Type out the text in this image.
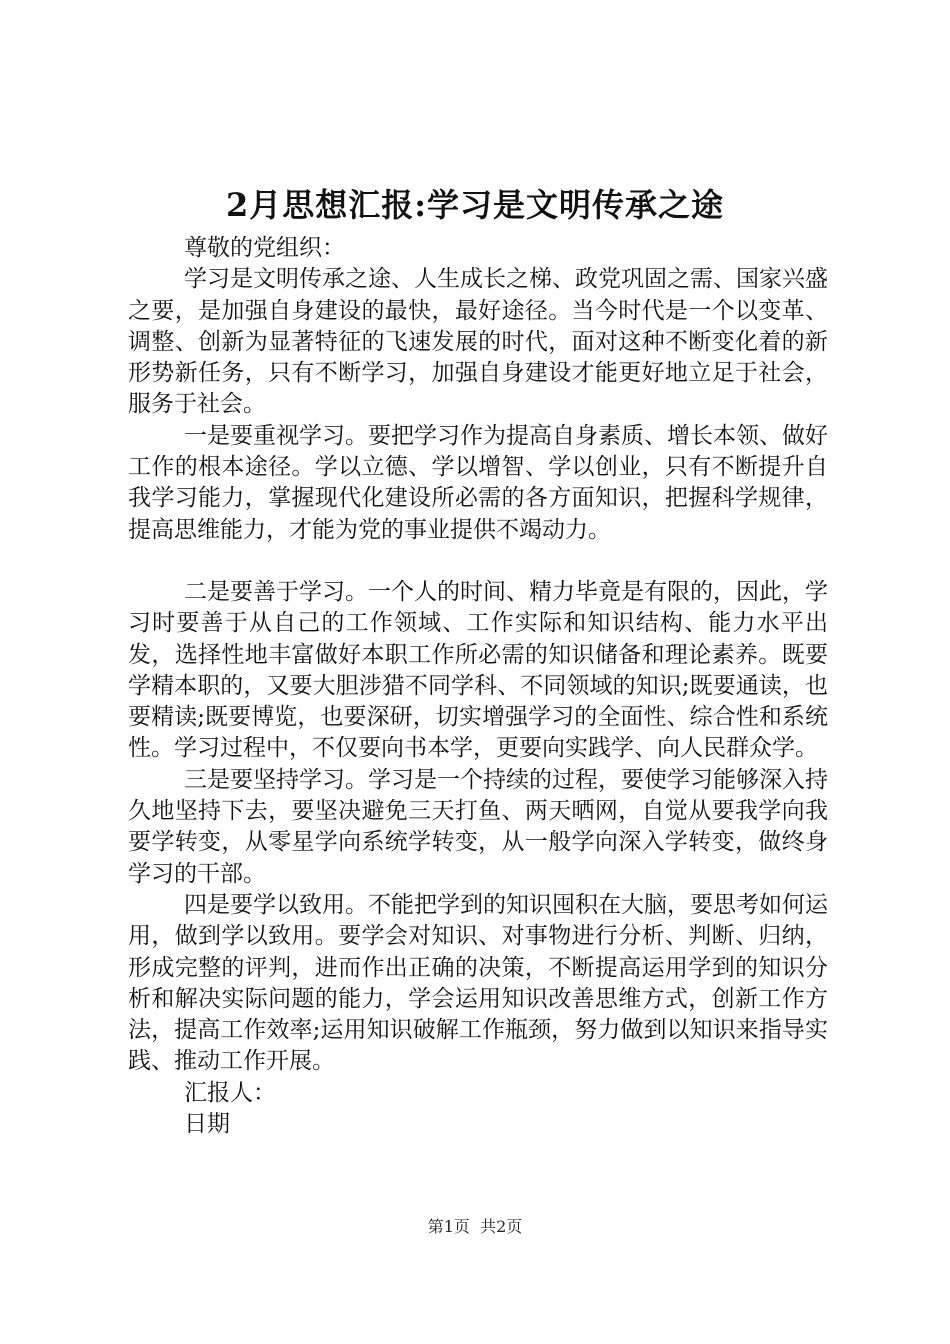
2月思想汇报:学习是文明传承之途

尊敬的党组织：

学习是文明传承之途、人生成长之梯、政党巩固之需、国家兴盛之要，是加强自身建设的最快，最好途径。当今时代是一个以变革、调整、创新为显著特征的飞速发展的时代，面对这种不断变化着的新形势新任务，只有不断学习，加强自身建设才能更好地立足于社会，服务于社会。

一是要重视学习。要把学习作为提高自身素质、增长本领、做好工作的根本途径。学以立德、学以增智、学以创业，只有不断提升自我学习能力，掌握现代化建设所必需的各方面知识，把握科学规律，提高思维能力，才能为党的事业提供不竭动力。

二是要善于学习。一个人的时间、精力毕竟是有限的，因此，学习时要善于从自己的工作领域、工作实际和知识结构、能力水平出发，选择性地丰富做好本职工作所必需的知识储备和理论素养。既要学精本职的，又要大胆涉猎不同学科、不同领域的知识;既要通读，也要精读;既要博览，也要深研，切实增强学习的全面性、综合性和系统性。学习过程中，不仅要向书本学，更要向实践学、向人民群众学。

三是要坚持学习。学习是一个持续的过程，要使学习能够深入持久地坚持下去，要坚决避免三天打鱼、两天晒网，自觉从要我学向我要学转变，从零星学向系统学转变，从一般学向深入学转变，做终身学习的干部。

四是要学以致用。不能把学到的知识囤积在大脑，要思考如何运用，做到学以致用。要学会对知识、对事物进行分析、判断、归纳，形成完整的评判，进而作出正确的决策，不断提高运用学到的知识分析和解决实际问题的能力，学会运用知识改善思维方式，创新工作方法，提高工作效率;运用知识破解工作瓶颈，努力做到以知识来指导实践、推动工作开展。

汇报人：

日期

第1页  共2页
